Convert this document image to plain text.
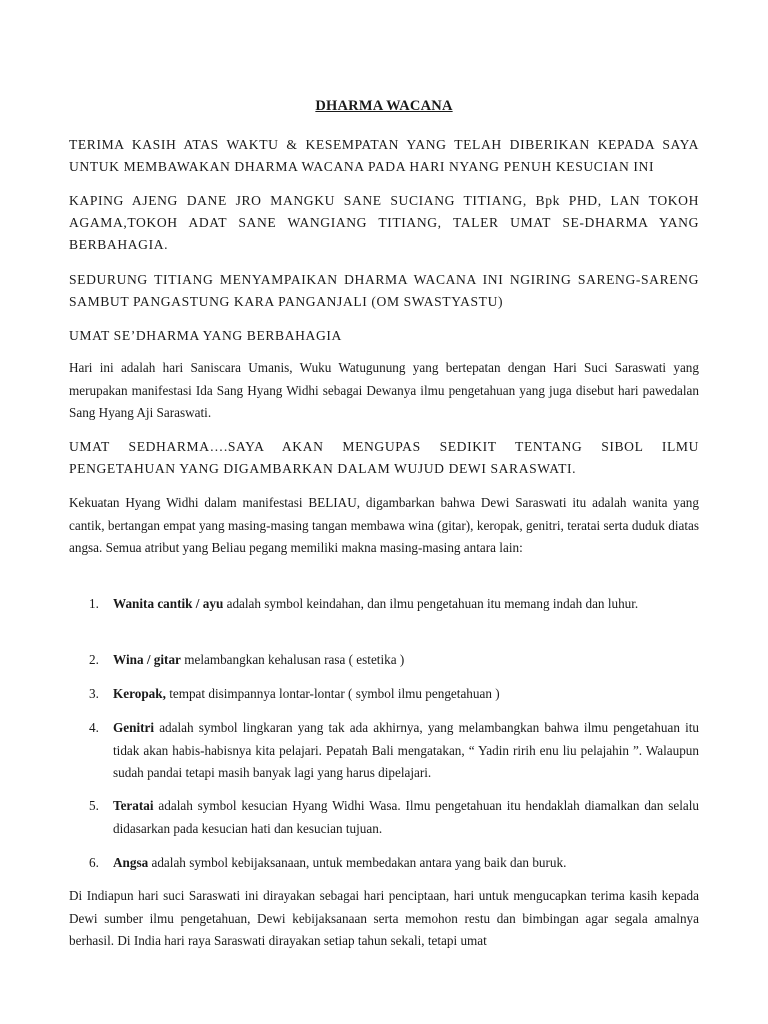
DHARMA WACANA

TERIMA KASIH ATAS WAKTU & KESEMPATAN YANG TELAH DIBERIKAN KEPADA SAYA UNTUK MEMBAWAKAN DHARMA WACANA PADA HARI NYANG PENUH KESUCIAN INI

KAPING AJENG DANE JRO MANGKU SANE SUCIANG TITIANG, Bpk PHD, LAN TOKOH AGAMA,TOKOH ADAT SANE WANGIANG TITIANG, TALER UMAT SE-DHARMA YANG BERBAHAGIA.

SEDURUNG TITIANG MENYAMPAIKAN DHARMA WACANA INI NGIRING SARENG-SARENG SAMBUT PANGASTUNG KARA PANGANJALI (OM SWASTYASTU)

UMAT SE’DHARMA YANG BERBAHAGIA

Hari ini adalah hari Saniscara Umanis, Wuku Watugunung yang bertepatan dengan Hari Suci Saraswati yang merupakan manifestasi Ida Sang Hyang Widhi sebagai Dewanya ilmu pengetahuan yang juga disebut hari pawedalan Sang Hyang Aji Saraswati.

UMAT SEDHARMA….SAYA AKAN MENGUPAS SEDIKIT TENTANG SIBOL ILMU PENGETAHUAN YANG DIGAMBARKAN DALAM WUJUD DEWI SARASWATI.

Kekuatan Hyang Widhi dalam manifestasi BELIAU, digambarkan bahwa Dewi Saraswati itu adalah wanita yang cantik, bertangan empat yang masing-masing tangan membawa wina (gitar), keropak, genitri, teratai serta duduk diatas angsa. Semua atribut yang Beliau pegang memiliki makna masing-masing antara lain:

1.	Wanita cantik / ayu adalah symbol keindahan, dan ilmu pengetahuan itu memang indah dan luhur.
2.	Wina / gitar melambangkan kehalusan rasa ( estetika )
3.	Keropak, tempat disimpannya lontar-lontar ( symbol ilmu pengetahuan )
4.	Genitri adalah symbol lingkaran yang tak ada akhirnya, yang melambangkan bahwa ilmu pengetahuan itu tidak akan habis-habisnya kita pelajari. Pepatah Bali mengatakan, “ Yadin ririh enu liu pelajahin ”. Walaupun sudah pandai tetapi masih banyak lagi yang harus dipelajari.
5.	Teratai adalah symbol kesucian Hyang Widhi Wasa. Ilmu pengetahuan itu hendaklah diamalkan dan selalu didasarkan pada kesucian hati dan kesucian tujuan.
6.	Angsa adalah symbol kebijaksanaan, untuk membedakan antara yang baik dan buruk.

Di Indiapun hari suci Saraswati ini dirayakan sebagai hari penciptaan, hari untuk mengucapkan terima kasih kepada Dewi sumber ilmu pengetahuan, Dewi kebijaksanaan serta memohon restu dan bimbingan agar segala amalnya berhasil. Di India hari raya Saraswati dirayakan setiap tahun sekali, tetapi umat
